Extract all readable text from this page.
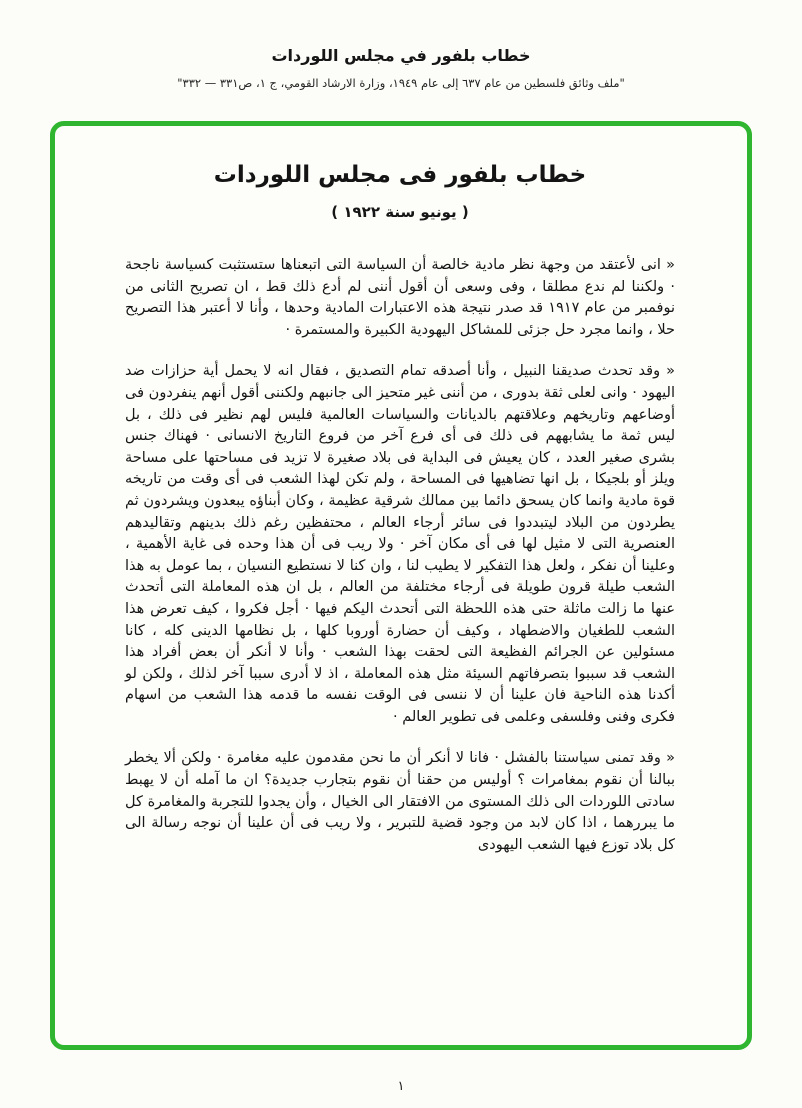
خطاب بلفور في مجلس اللوردات
"ملف وثائق فلسطين من عام ٦٣٧ إلى عام ١٩٤٩، وزارة الارشاد القومي، ج ١، ص٣٣١ — ٣٣٢"
خطاب بلفور فى مجلس اللوردات
( يونيو سنة ١٩٢٢ )

« انى لأعتقد من وجهة نظر مادية خالصة أن السياسة التى اتبعناها ستستثبت كسياسة ناجحة · ولكننا لم ندع مطلقا ، وفى وسعى أن أقول أننى لم أدع ذلك قط ، ان تصريح الثانى من نوفمبر من عام ١٩١٧ قد صدر نتيجة هذه الاعتبارات المادية وحدها ، وأنا لا أعتبر هذا التصريح حلا ، وانما مجرد حل جزئى للمشاكل اليهودية الكبيرة والمستمرة ·

« وقد تحدث صديقنا النبيل ، وأنا أصدقه تمام التصديق ، فقال انه لا يحمل أية حزازات ضد اليهود · وانى لعلى ثقة بدورى ، من أننى غير متحيز الى جانبهم ولكننى أقول أنهم ينفردون فى أوضاعهم وتاريخهم وعلاقتهم بالديانات والسياسات العالمية فليس لهم نظير فى ذلك ، بل ليس ثمة ما يشابههم فى ذلك فى أى فرع آخر من فروع التاريخ الانسانى · فهناك جنس بشرى صغير العدد ، كان يعيش فى البداية فى بلاد صغيرة لا تزيد فى مساحتها على مساحة ويلز أو بلجيكا ، بل انها تضاهيها فى المساحة ، ولم تكن لهذا الشعب فى أى وقت من تاريخه قوة مادية وانما كان يسحق دائما بين ممالك شرقية عظيمة ، وكان أبناؤه يبعدون ويشردون ثم يطردون من البلاد ليتبددوا فى سائر أرجاء العالم ، محتفظين رغم ذلك بدينهم وتقاليدهم العنصرية التى لا مثيل لها فى أى مكان آخر · ولا ريب فى أن هذا وحده فى غاية الأهمية ، وعلينا أن نفكر ، ولعل هذا التفكير لا يطيب لنا ، وان كنا لا نستطيع النسيان ، بما عومل به هذا الشعب طيلة قرون طويلة فى أرجاء مختلفة من العالم ، بل ان هذه المعاملة التى أتحدث عنها ما زالت ماثلة حتى هذه اللحظة التى أتحدث اليكم فيها · أجل فكروا ، كيف تعرض هذا الشعب للطغيان والاضطهاد ، وكيف أن حضارة أوروبا كلها ، بل نظامها الدينى كله ، كانا مسئولين عن الجرائم الفظيعة التى لحقت بهذا الشعب · وأنا لا أنكر أن بعض أفراد هذا الشعب قد سببوا بتصرفاتهم السيئة مثل هذه المعاملة ، اذ لا أدرى سببا آخر لذلك ، ولكن لو أكدنا هذه الناحية فان علينا أن لا ننسى فى الوقت نفسه ما قدمه هذا الشعب من اسهام فكرى وفنى وفلسفى وعلمى فى تطوير العالم ·

« وقد تمنى سياستنا بالفشل · فانا لا أنكر أن ما نحن مقدمون عليه مغامرة · ولكن ألا يخطر ببالنا أن نقوم بمغامرات ؟ أوليس من حقنا أن نقوم بتجارب جديدة؟ ان ما آمله أن لا يهبط سادتى اللوردات الى ذلك المستوى من الافتقار الى الخيال ، وأن يجدوا للتجربة والمغامرة كل ما يبررهما ، اذا كان لابد من وجود قضية للتبرير ، ولا ريب فى أن علينا أن نوجه رسالة الى كل بلاد توزع فيها الشعب اليهودى

١
